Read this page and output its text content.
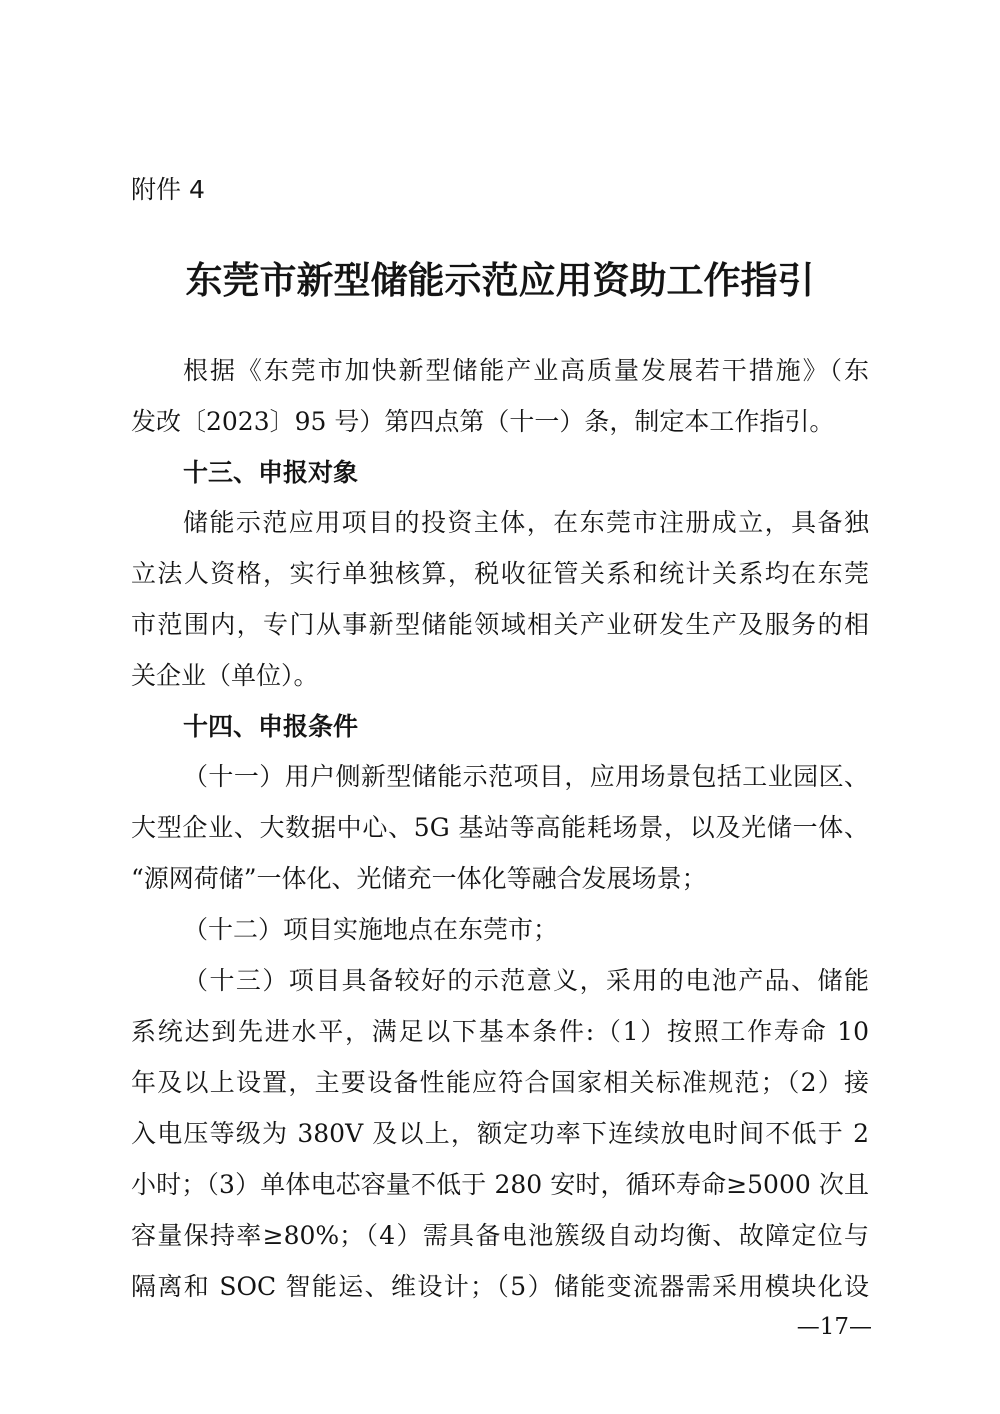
附件 4
东莞市新型储能示范应用资助工作指引
根据《东莞市加快新型储能产业高质量发展若干措施》（东
发改〔2023〕95 号）第四点第（十一）条，制定本工作指引。
十三、申报对象
储能示范应用项目的投资主体，在东莞市注册成立，具备独
立法人资格，实行单独核算，税收征管关系和统计关系均在东莞
市范围内，专门从事新型储能领域相关产业研发生产及服务的相
关企业（单位）。
十四、申报条件
（十一）用户侧新型储能示范项目，应用场景包括工业园区、
大型企业、大数据中心、5G 基站等高能耗场景，以及光储一体、
“源网荷储”一体化、光储充一体化等融合发展场景；
（十二）项目实施地点在东莞市；
（十三）项目具备较好的示范意义，采用的电池产品、储能
系统达到先进水平，满足以下基本条件:（1）按照工作寿命 10
年及以上设置，主要设备性能应符合国家相关标准规范；（2）接
入电压等级为 380V 及以上，额定功率下连续放电时间不低于 2
小时；（3）单体电芯容量不低于 280 安时，循环寿命≥5000 次且
容量保持率≥80%；（4）需具备电池簇级自动均衡、故障定位与
隔离和 SOC 智能运、维设计；（5）储能变流器需采用模块化设
—17—
